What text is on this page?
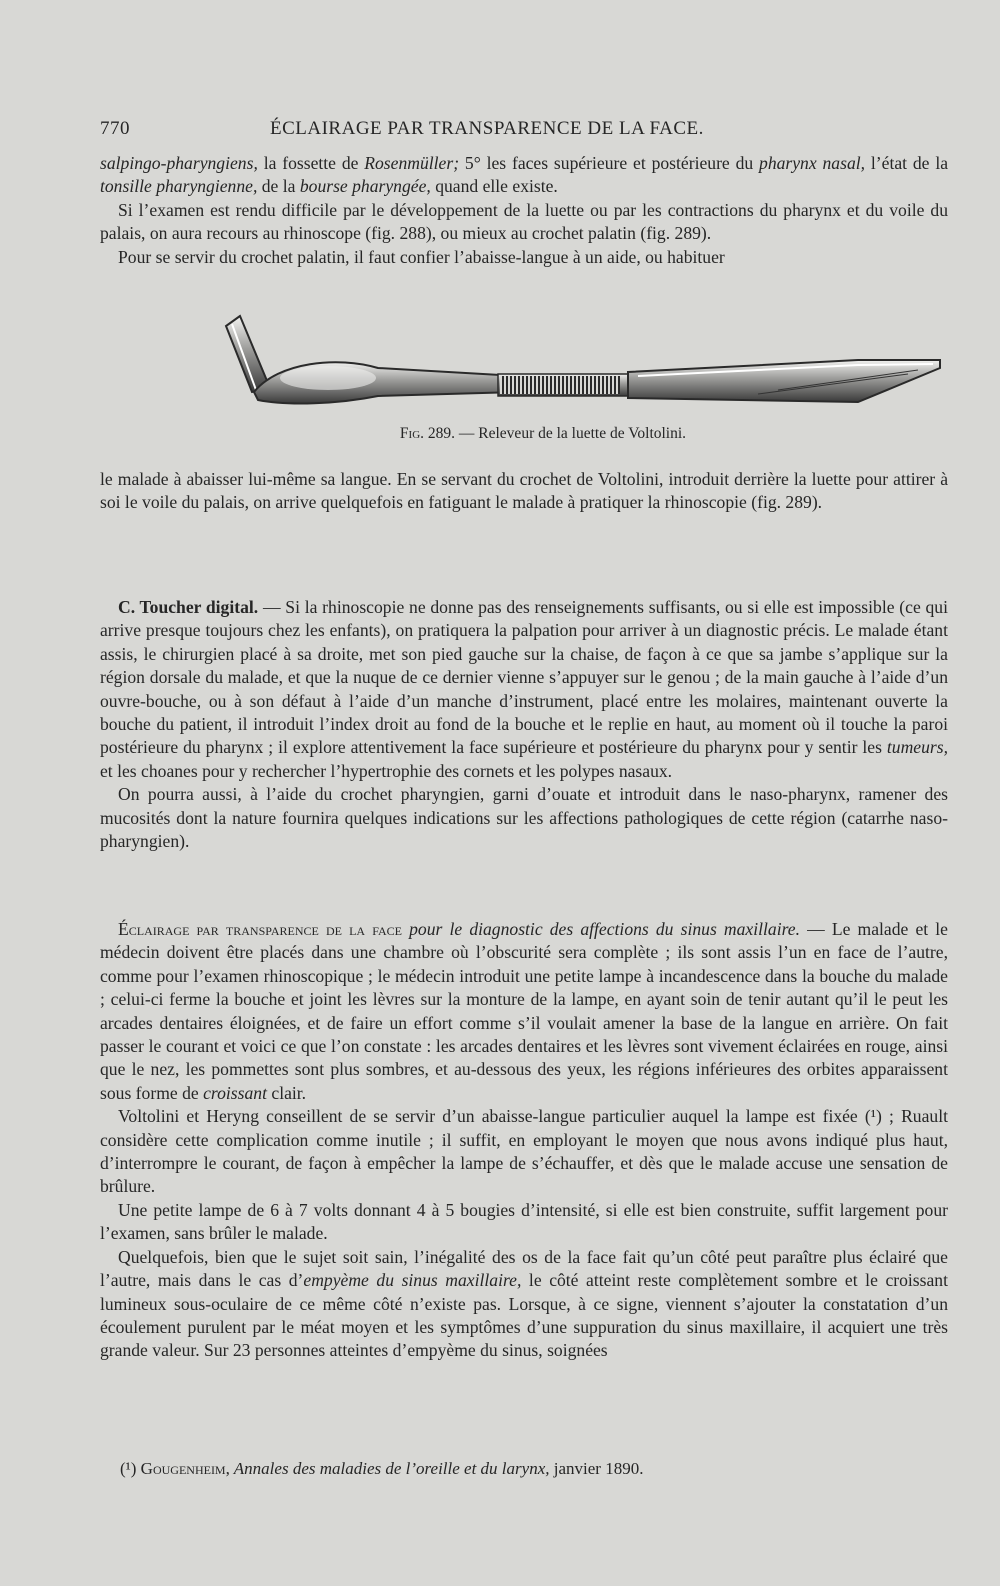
770	ÉCLAIRAGE PAR TRANSPARENCE DE LA FACE.

salpingo-pharyngiens, la fossette de Rosenmüller; 5° les faces supérieure et postérieure du pharynx nasal, l’état de la tonsille pharyngienne, de la bourse pharyngée, quand elle existe.

Si l’examen est rendu difficile par le développement de la luette ou par les contractions du pharynx et du voile du palais, on aura recours au rhinoscope (fig. 288), ou mieux au crochet palatin (fig. 289).

Pour se servir du crochet palatin, il faut confier l’abaisse-langue à un aide, ou habituer

Fig. 289. — Releveur de la luette de Voltolini.

le malade à abaisser lui-même sa langue. En se servant du crochet de Voltolini, introduit derrière la luette pour attirer à soi le voile du palais, on arrive quelquefois en fatiguant le malade à pratiquer la rhinoscopie (fig. 289).

C. Toucher digital. — Si la rhinoscopie ne donne pas des renseignements suffisants, ou si elle est impossible (ce qui arrive presque toujours chez les enfants), on pratiquera la palpation pour arriver à un diagnostic précis. Le malade étant assis, le chirurgien placé à sa droite, met son pied gauche sur la chaise, de façon à ce que sa jambe s’applique sur la région dorsale du malade, et que la nuque de ce dernier vienne s’appuyer sur le genou ; de la main gauche à l’aide d’un ouvre-bouche, ou à son défaut à l’aide d’un manche d’instrument, placé entre les molaires, maintenant ouverte la bouche du patient, il introduit l’index droit au fond de la bouche et le replie en haut, au moment où il touche la paroi postérieure du pharynx ; il explore attentivement la face supérieure et postérieure du pharynx pour y sentir les tumeurs, et les choanes pour y rechercher l’hypertrophie des cornets et les polypes nasaux.

On pourra aussi, à l’aide du crochet pharyngien, garni d’ouate et introduit dans le naso-pharynx, ramener des mucosités dont la nature fournira quelques indications sur les affections pathologiques de cette région (catarrhe naso-pharyngien).

Éclairage par transparence de la face pour le diagnostic des affections du sinus maxillaire. — Le malade et le médecin doivent être placés dans une chambre où l’obscurité sera complète ; ils sont assis l’un en face de l’autre, comme pour l’examen rhinoscopique ; le médecin introduit une petite lampe à incandescence dans la bouche du malade ; celui-ci ferme la bouche et joint les lèvres sur la monture de la lampe, en ayant soin de tenir autant qu’il le peut les arcades dentaires éloignées, et de faire un effort comme s’il voulait amener la base de la langue en arrière. On fait passer le courant et voici ce que l’on constate : les arcades dentaires et les lèvres sont vivement éclairées en rouge, ainsi que le nez, les pommettes sont plus sombres, et au-dessous des yeux, les régions inférieures des orbites apparaissent sous forme de croissant clair.

Voltolini et Heryng conseillent de se servir d’un abaisse-langue particulier auquel la lampe est fixée (¹) ; Ruault considère cette complication comme inutile ; il suffit, en employant le moyen que nous avons indiqué plus haut, d’interrompre le courant, de façon à empêcher la lampe de s’échauffer, et dès que le malade accuse une sensation de brûlure.

Une petite lampe de 6 à 7 volts donnant 4 à 5 bougies d’intensité, si elle est bien construite, suffit largement pour l’examen, sans brûler le malade.

Quelquefois, bien que le sujet soit sain, l’inégalité des os de la face fait qu’un côté peut paraître plus éclairé que l’autre, mais dans le cas d’empyème du sinus maxillaire, le côté atteint reste complètement sombre et le croissant lumineux sous-oculaire de ce même côté n’existe pas. Lorsque, à ce signe, viennent s’ajouter la constatation d’un écoulement purulent par le méat moyen et les symptômes d’une suppuration du sinus maxillaire, il acquiert une très grande valeur. Sur 23 personnes atteintes d’empyème du sinus, soignées

(¹) Gougenheim, Annales des maladies de l’oreille et du larynx, janvier 1890.
